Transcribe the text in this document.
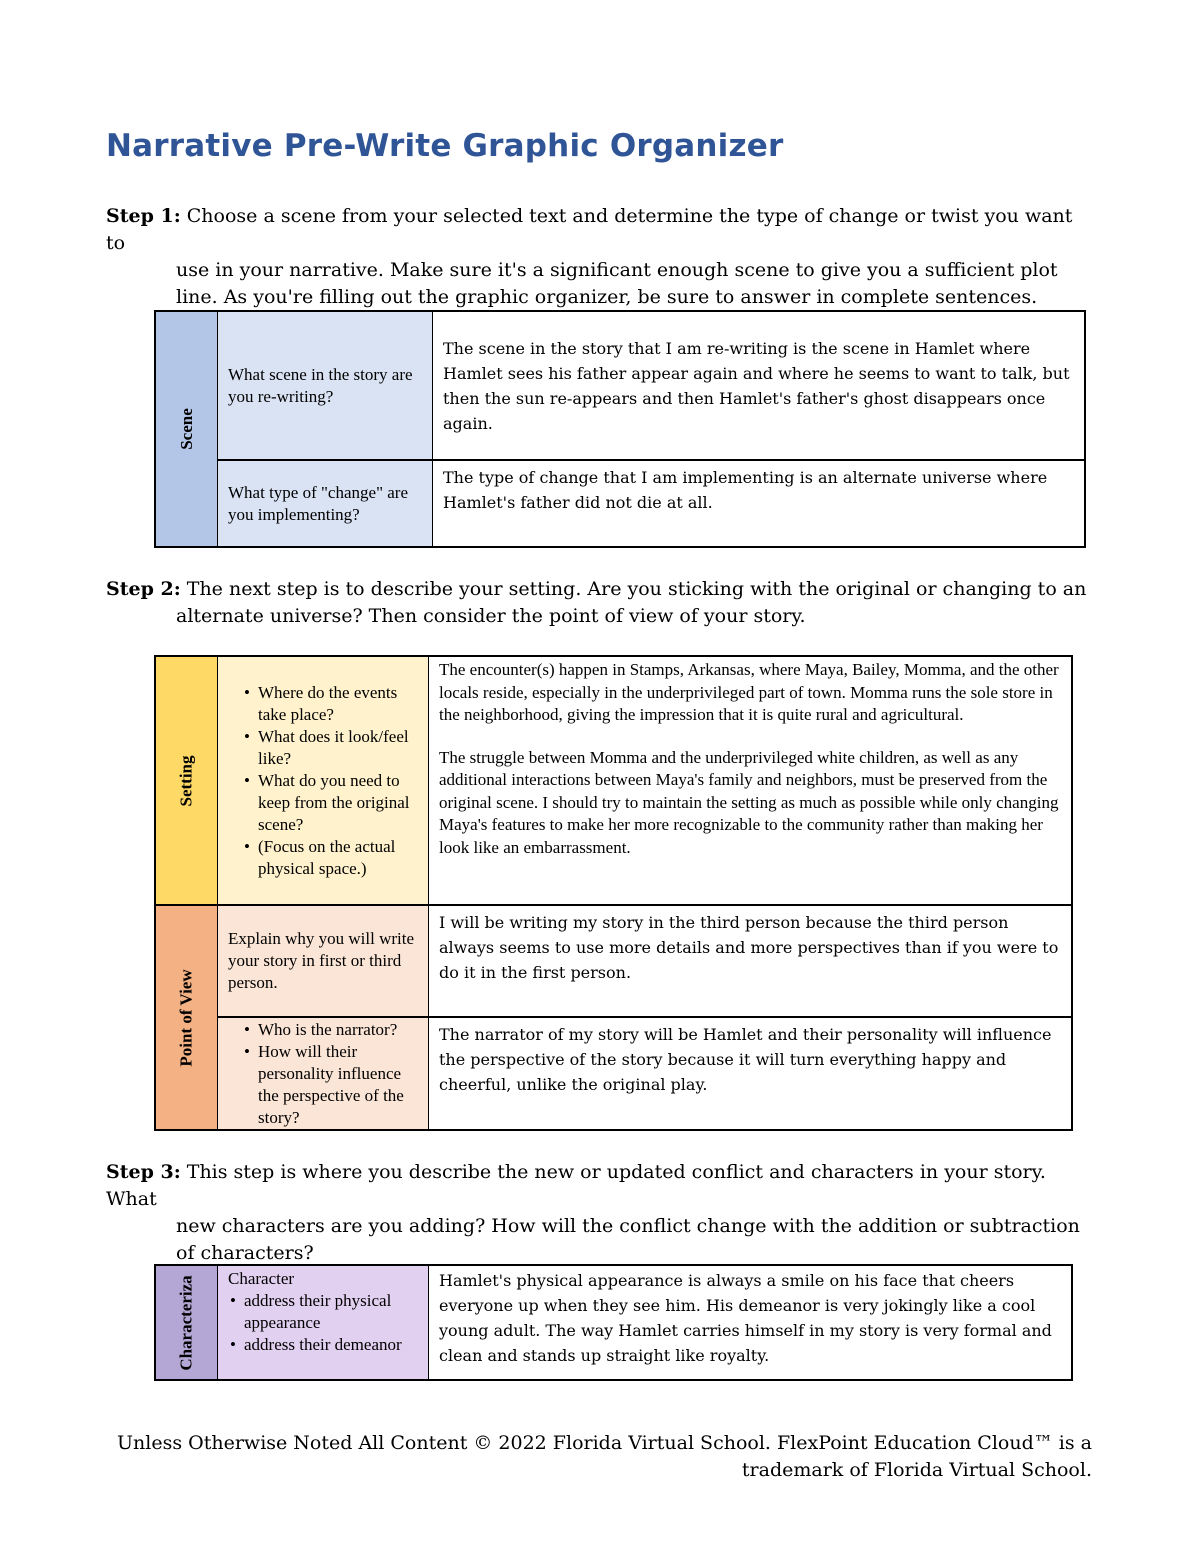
Narrative Pre-Write Graphic Organizer
Step 1: Choose a scene from your selected text and determine the type of change or twist you want to
use in your narrative. Make sure it's a significant enough scene to give you a sufficient plot line. As you're filling out the graphic organizer, be sure to answer in complete sentences.
Scene
What scene in the story are you re-writing?
The scene in the story that I am re-writing is the scene in Hamlet where Hamlet sees his father appear again and where he seems to want to talk, but then the sun re-appears and then Hamlet's father's ghost disappears once again.
What type of "change" are you implementing?
The type of change that I am implementing is an alternate universe where Hamlet's father did not die at all.
Step 2: The next step is to describe your setting. Are you sticking with the original or changing to an
alternate universe? Then consider the point of view of your story.
Setting
• Where do the events take place?
• What does it look/feel like?
• What do you need to keep from the original scene?
• (Focus on the actual physical space.)
The encounter(s) happen in Stamps, Arkansas, where Maya, Bailey, Momma, and the other locals reside, especially in the underprivileged part of town. Momma runs the sole store in the neighborhood, giving the impression that it is quite rural and agricultural.
The struggle between Momma and the underprivileged white children, as well as any additional interactions between Maya's family and neighbors, must be preserved from the original scene. I should try to maintain the setting as much as possible while only changing Maya's features to make her more recognizable to the community rather than making her look like an embarrassment.
Point of View
Explain why you will write your story in first or third person.
I will be writing my story in the third person because the third person always seems to use more details and more perspectives than if you were to do it in the first person.
• Who is the narrator?
• How will their personality influence the perspective of the story?
The narrator of my story will be Hamlet and their personality will influence the perspective of the story because it will turn everything happy and cheerful, unlike the original play.
Step 3: This step is where you describe the new or updated conflict and characters in your story. What
new characters are you adding? How will the conflict change with the addition or subtraction of characters?
Characteriza Character
• address their physical appearance
• address their demeanor
Hamlet's physical appearance is always a smile on his face that cheers everyone up when they see him. His demeanor is very jokingly like a cool young adult. The way Hamlet carries himself in my story is very formal and clean and stands up straight like royalty.
Unless Otherwise Noted All Content © 2022 Florida Virtual School. FlexPoint Education Cloud™ is a
trademark of Florida Virtual School.
